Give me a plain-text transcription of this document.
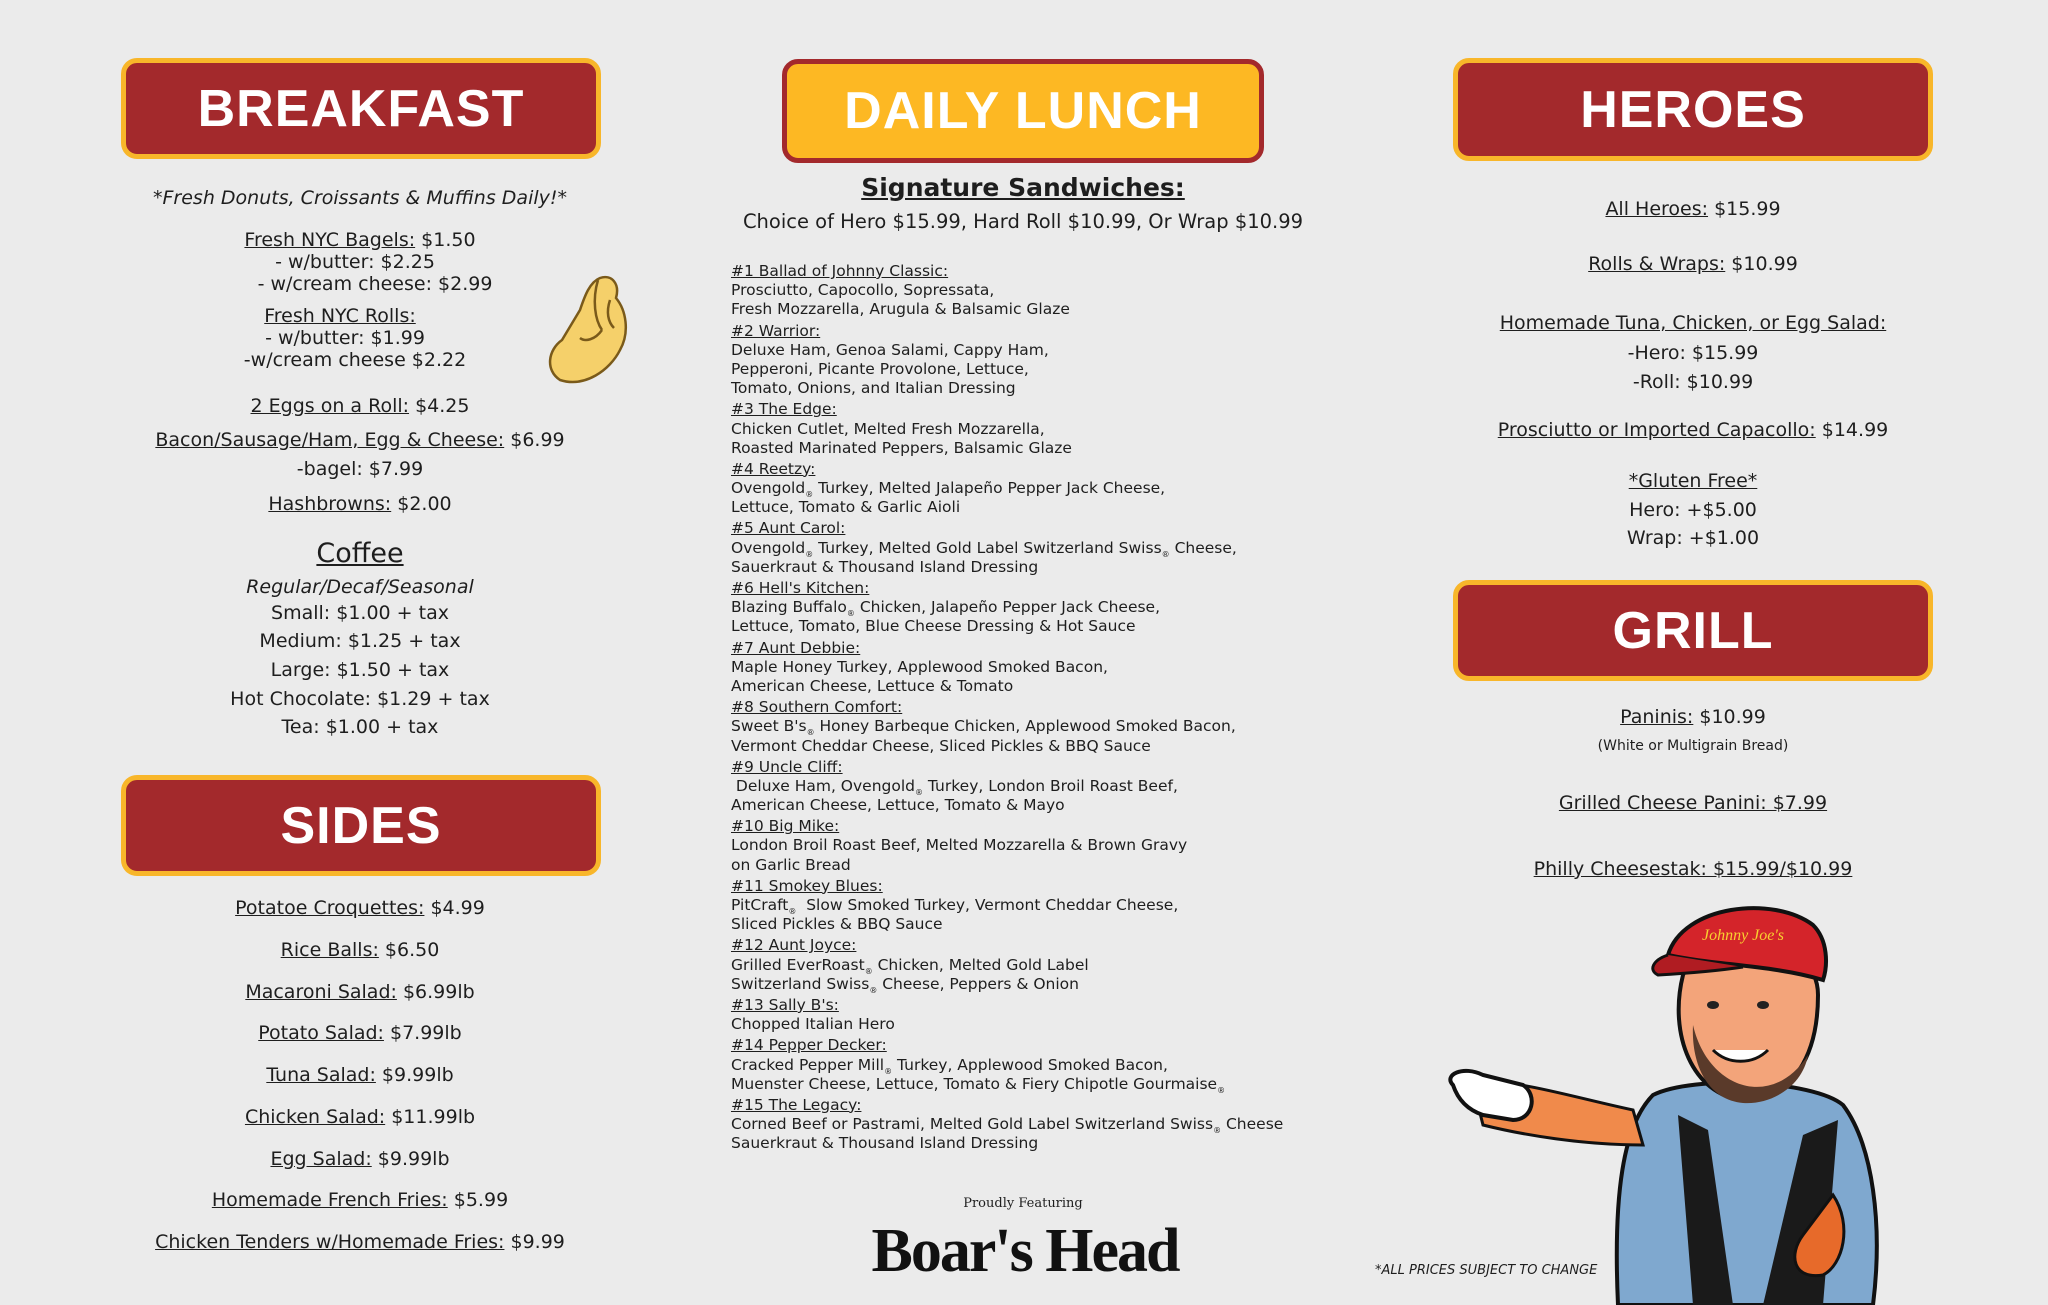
BREAKFAST
*Fresh Donuts, Croissants & Muffins Daily!*
Fresh NYC Bagels: $1.50
- w/butter: $2.25
- w/cream cheese: $2.99
Fresh NYC Rolls:
- w/butter: $1.99
-w/cream cheese $2.22
2 Eggs on a Roll: $4.25
Bacon/Sausage/Ham, Egg & Cheese: $6.99
-bagel: $7.99
Hashbrowns: $2.00
Coffee
Regular/Decaf/Seasonal
Small: $1.00 + tax
Medium: $1.25 + tax
Large: $1.50 + tax
Hot Chocolate: $1.29 + tax
Tea: $1.00 + tax
SIDES
Potatoe Croquettes: $4.99
Rice Balls: $6.50
Macaroni Salad: $6.99lb
Potato Salad: $7.99lb
Tuna Salad: $9.99lb
Chicken Salad: $11.99lb
Egg Salad: $9.99lb
Homemade French Fries: $5.99
Chicken Tenders w/Homemade Fries: $9.99
DAILY LUNCH
Signature Sandwiches:
Choice of Hero $15.99, Hard Roll $10.99, Or Wrap $10.99
#1 Ballad of Johnny Classic:
Prosciutto, Capocollo, Sopressata,
Fresh Mozzarella, Arugula & Balsamic Glaze
#2 Warrior:
Deluxe Ham, Genoa Salami, Cappy Ham,
Pepperoni, Picante Provolone, Lettuce,
Tomato, Onions, and Italian Dressing
#3 The Edge:
Chicken Cutlet, Melted Fresh Mozzarella,
Roasted Marinated Peppers, Balsamic Glaze
#4 Reetzy:
Ovengold$_®$ Turkey, Melted Jalapeño Pepper Jack Cheese,
Lettuce, Tomato & Garlic Aioli
#5 Aunt Carol:
Ovengold$_®$ Turkey, Melted Gold Label Switzerland Swiss$_®$ Cheese,
Sauerkraut & Thousand Island Dressing
#6 Hell's Kitchen:
Blazing Buffalo$_®$ Chicken, Jalapeño Pepper Jack Cheese,
Lettuce, Tomato, Blue Cheese Dressing & Hot Sauce
#7 Aunt Debbie:
Maple Honey Turkey, Applewood Smoked Bacon,
American Cheese, Lettuce & Tomato
#8 Southern Comfort:
Sweet $B's_®$ Honey Barbeque Chicken, Applewood Smoked Bacon,
Vermont Cheddar Cheese, Sliced Pickles & BBQ Sauce
#9 Uncle Cliff:
Deluxe Ham, Ovengold$_®$ Turkey, London Broil Roast Beef,
American Cheese, Lettuce, Tomato & Mayo
#10 Big Mike:
London Broil Roast Beef, Melted Mozzarella & Brown Gravy
on Garlic Bread
#11 Smokey Blues:
PitCraft$_®$  Slow Smoked Turkey, Vermont Cheddar Cheese,
Sliced Pickles & BBQ Sauce
#12 Aunt Joyce:
Grilled EverRoast$_®$ Chicken, Melted Gold Label
Switzerland Swiss$_®$ Cheese, Peppers & Onion
#13 Sally B's:
Chopped Italian Hero
#14 Pepper Decker:
Cracked Pepper Mill$_®$ Turkey, Applewood Smoked Bacon,
Muenster Cheese, Lettuce, Tomato & Fiery Chipotle Gourmaise$_®$
#15 The Legacy:
Corned Beef or Pastrami, Melted Gold Label Switzerland Swiss$_®$ Cheese
Sauerkraut & Thousand Island Dressing
Proudly Featuring
Boar's Head
HEROES
All Heroes: $15.99
Rolls & Wraps: $10.99
Homemade Tuna, Chicken, or Egg Salad:
-Hero: $15.99
-Roll: $10.99
Prosciutto or Imported Capacollo: $14.99
*Gluten Free*
Hero: +$5.00
Wrap: +$1.00
GRILL
Paninis: $10.99
(White or Multigrain Bread)
Grilled Cheese Panini: $7.99
Philly Cheesestak: $15.99/$10.99
Johnny Joe's
*ALL PRICES SUBJECT TO CHANGE
